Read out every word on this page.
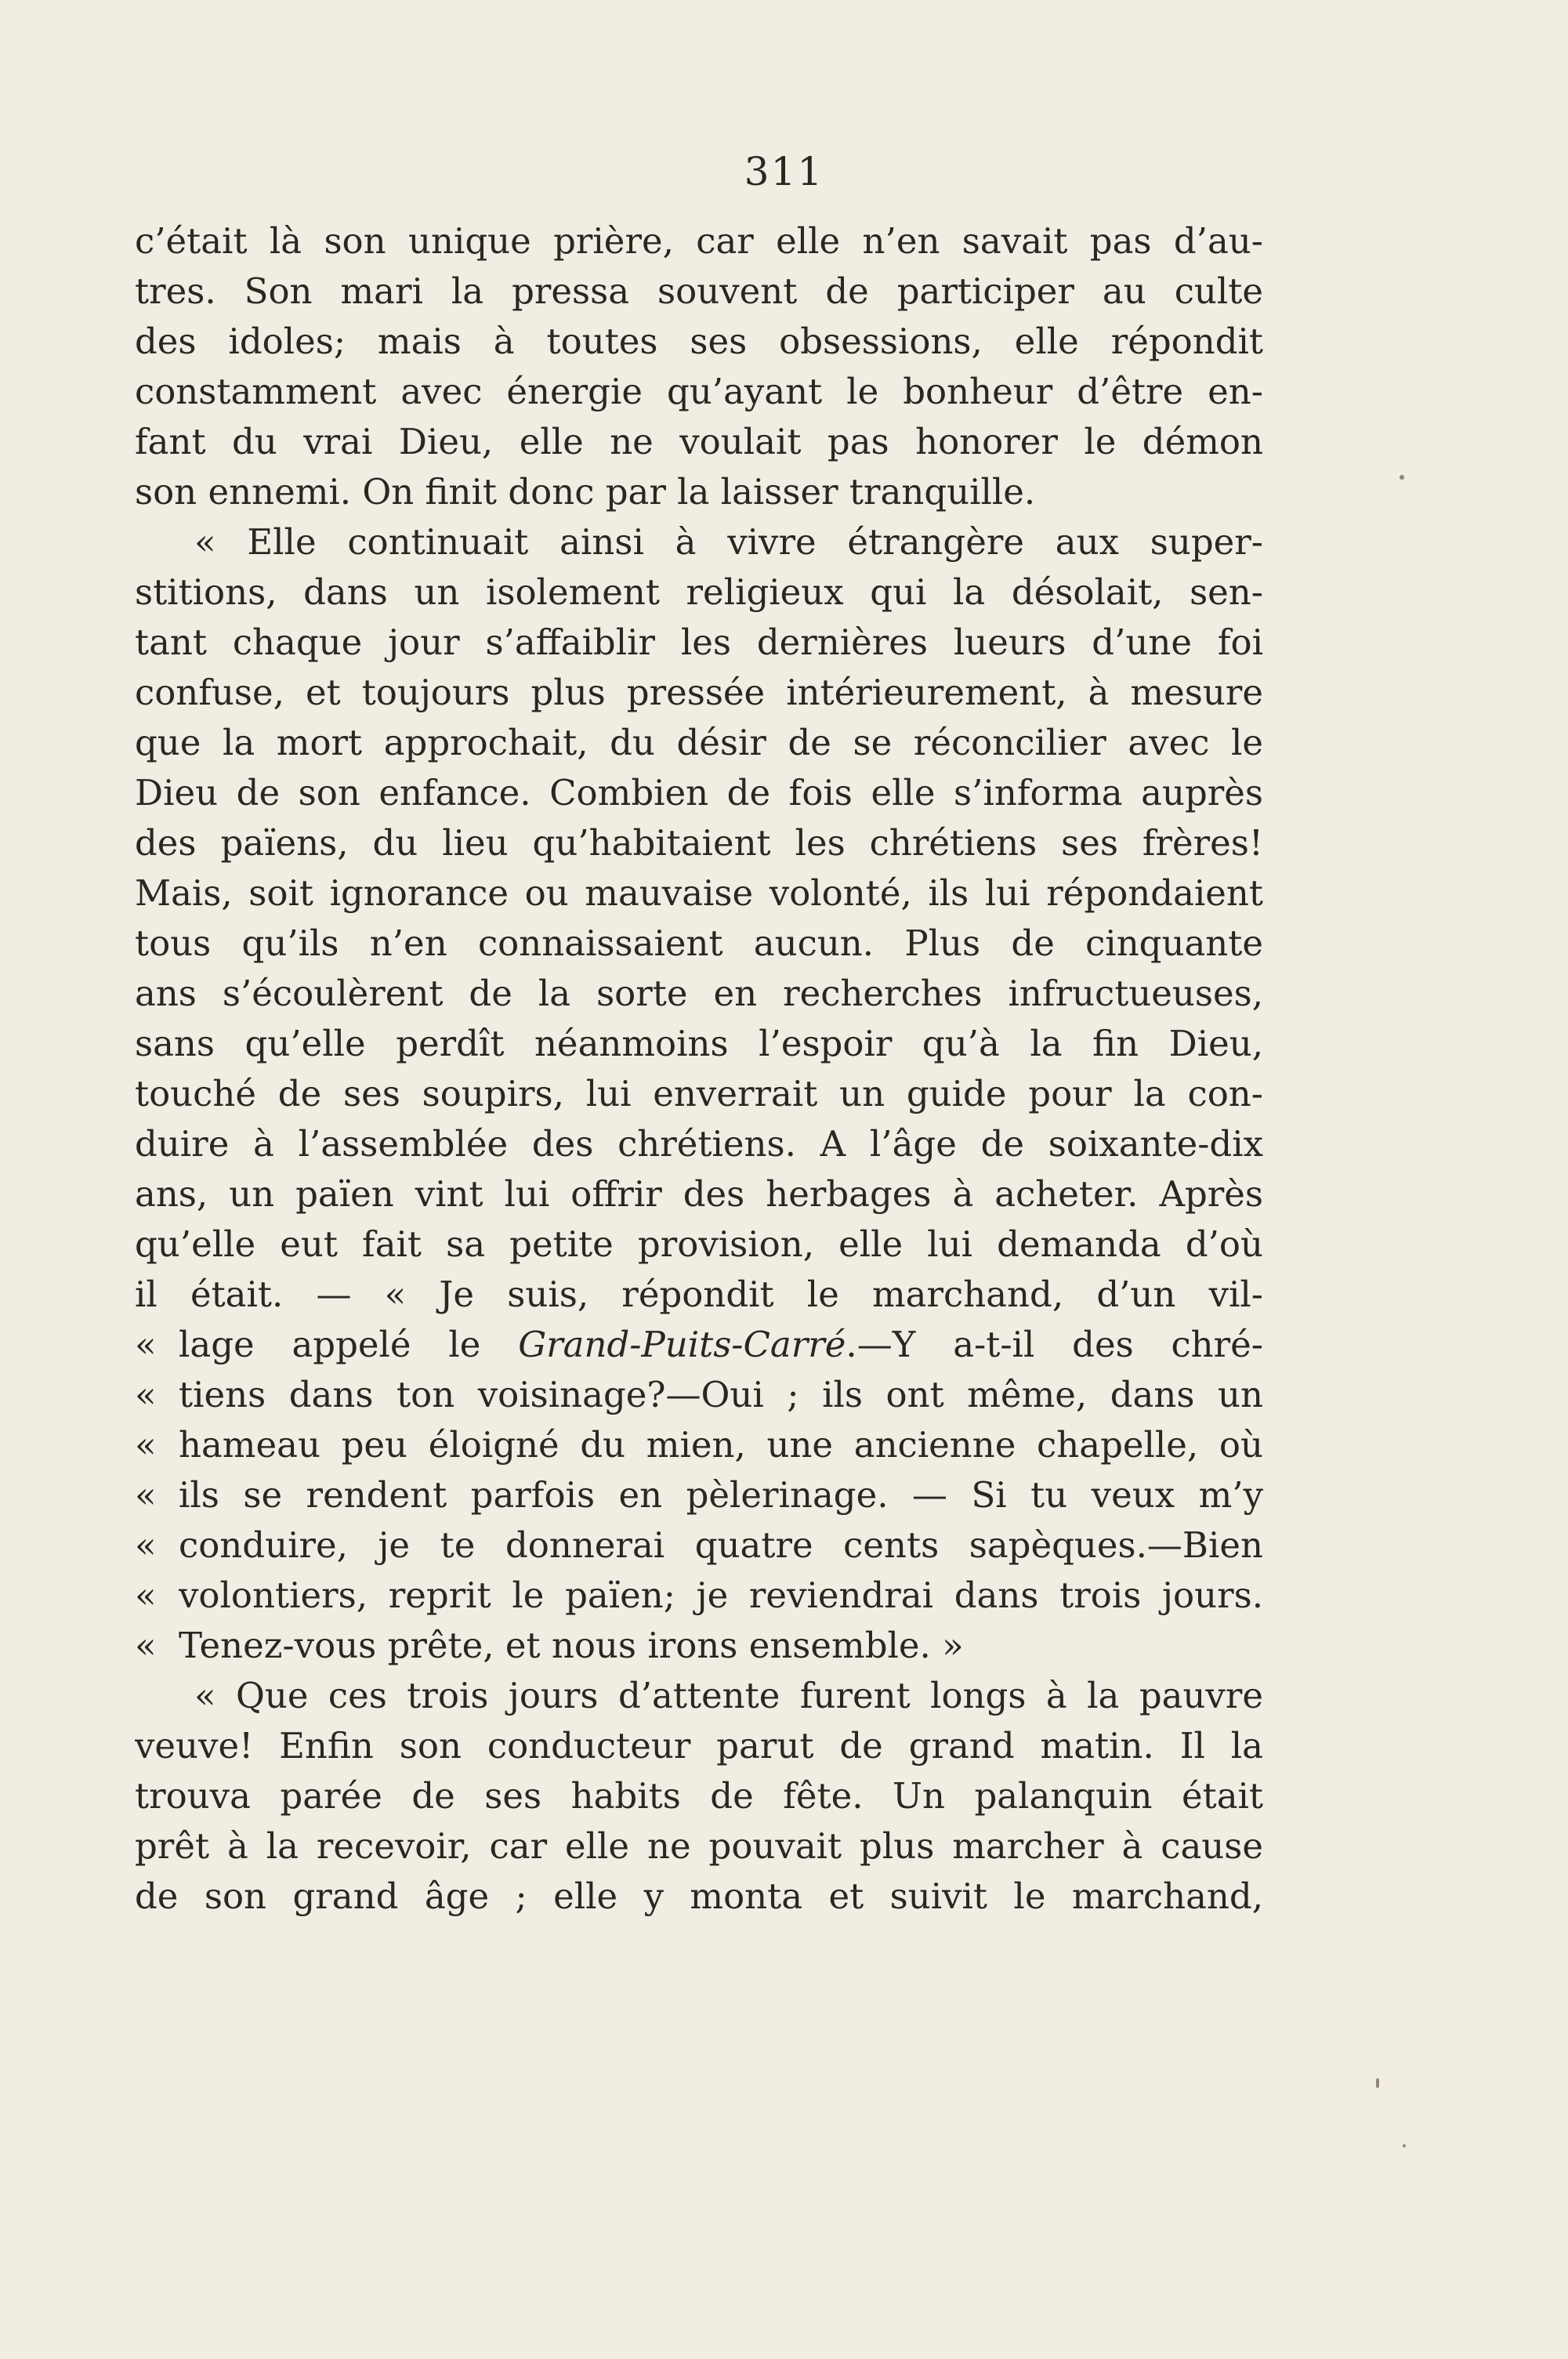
311
c’était là son unique prière, car elle n’en savait pas d’au-
tres. Son mari la pressa souvent de participer au culte
des idoles; mais à toutes ses obsessions, elle répondit
constamment avec énergie qu’ayant le bonheur d’être en-
fant du vrai Dieu, elle ne voulait pas honorer le démon
son ennemi. On finit donc par la laisser tranquille.
« Elle continuait ainsi à vivre étrangère aux super-
stitions, dans un isolement religieux qui la désolait, sen-
tant chaque jour s’affaiblir les dernières lueurs d’une foi
confuse, et toujours plus pressée intérieurement, à mesure
que la mort approchait, du désir de se réconcilier avec le
Dieu de son enfance. Combien de fois elle s’informa auprès
des païens, du lieu qu’habitaient les chrétiens ses frères!
Mais, soit ignorance ou mauvaise volonté, ils lui répondaient
tous qu’ils n’en connaissaient aucun. Plus de cinquante
ans s’écoulèrent de la sorte en recherches infructueuses,
sans qu’elle perdît néanmoins l’espoir qu’à la fin Dieu,
touché de ses soupirs, lui enverrait un guide pour la con-
duire à l’assemblée des chrétiens. A l’âge de soixante-dix
ans, un païen vint lui offrir des herbages à acheter. Après
qu’elle eut fait sa petite provision, elle lui demanda d’où
il était. — « Je suis, répondit le marchand, d’un vil-
« lage appelé le Grand-Puits-Carré.—Y a-t-il des chré-
« tiens dans ton voisinage?—Oui ; ils ont même, dans un
« hameau peu éloigné du mien, une ancienne chapelle, où
« ils se rendent parfois en pèlerinage. — Si tu veux m’y
« conduire, je te donnerai quatre cents sapèques.—Bien
« volontiers, reprit le païen; je reviendrai dans trois jours.
« Tenez-vous prête, et nous irons ensemble. »
« Que ces trois jours d’attente furent longs à la pauvre
veuve! Enfin son conducteur parut de grand matin. Il la
trouva parée de ses habits de fête. Un palanquin était
prêt à la recevoir, car elle ne pouvait plus marcher à cause
de son grand âge ; elle y monta et suivit le marchand,
